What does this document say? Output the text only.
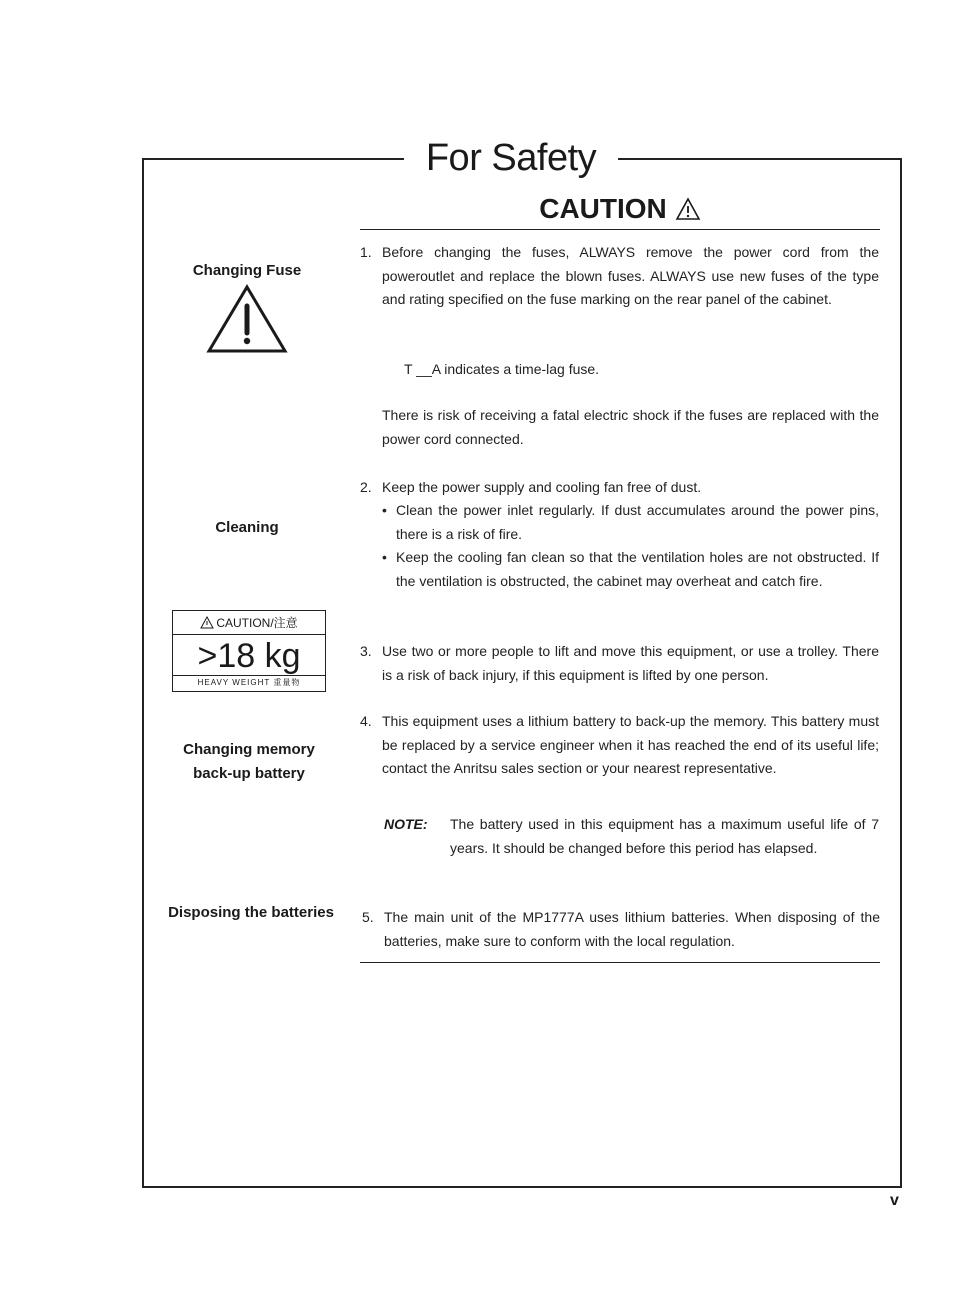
For Safety
CAUTION
Changing Fuse
Cleaning
CAUTION/注意
>18 kg
HEAVY WEIGHT 重量物
Changing memory
back-up battery
Disposing the batteries
1. Before changing the fuses, ALWAYS remove the power cord from the poweroutlet and replace the blown fuses. ALWAYS use new fuses of the type and rating specified on the fuse marking on the rear panel of the cabinet.
T __A indicates a time-lag fuse.
There is risk of receiving a fatal electric shock if the fuses are replaced with the power cord connected.
2. Keep the power supply and cooling fan free of dust.
• Clean the power inlet regularly. If dust accumulates around the power pins, there is a risk of fire.
• Keep the cooling fan clean so that the ventilation holes are not obstructed. If the ventilation is obstructed, the cabinet may overheat and catch fire.
3. Use two or more people to lift and move this equipment, or use a trolley. There is a risk of back injury, if this equipment is lifted by one person.
4. This equipment uses a lithium battery to back-up the memory. This battery must be replaced by a service engineer when it has reached the end of its useful life; contact the Anritsu sales section or your nearest representative.
NOTE: The battery used in this equipment has a maximum useful life of 7 years. It should be changed before this period has elapsed.
5. The main unit of the MP1777A uses lithium batteries. When disposing of the batteries, make sure to conform with the local regulation.
v
